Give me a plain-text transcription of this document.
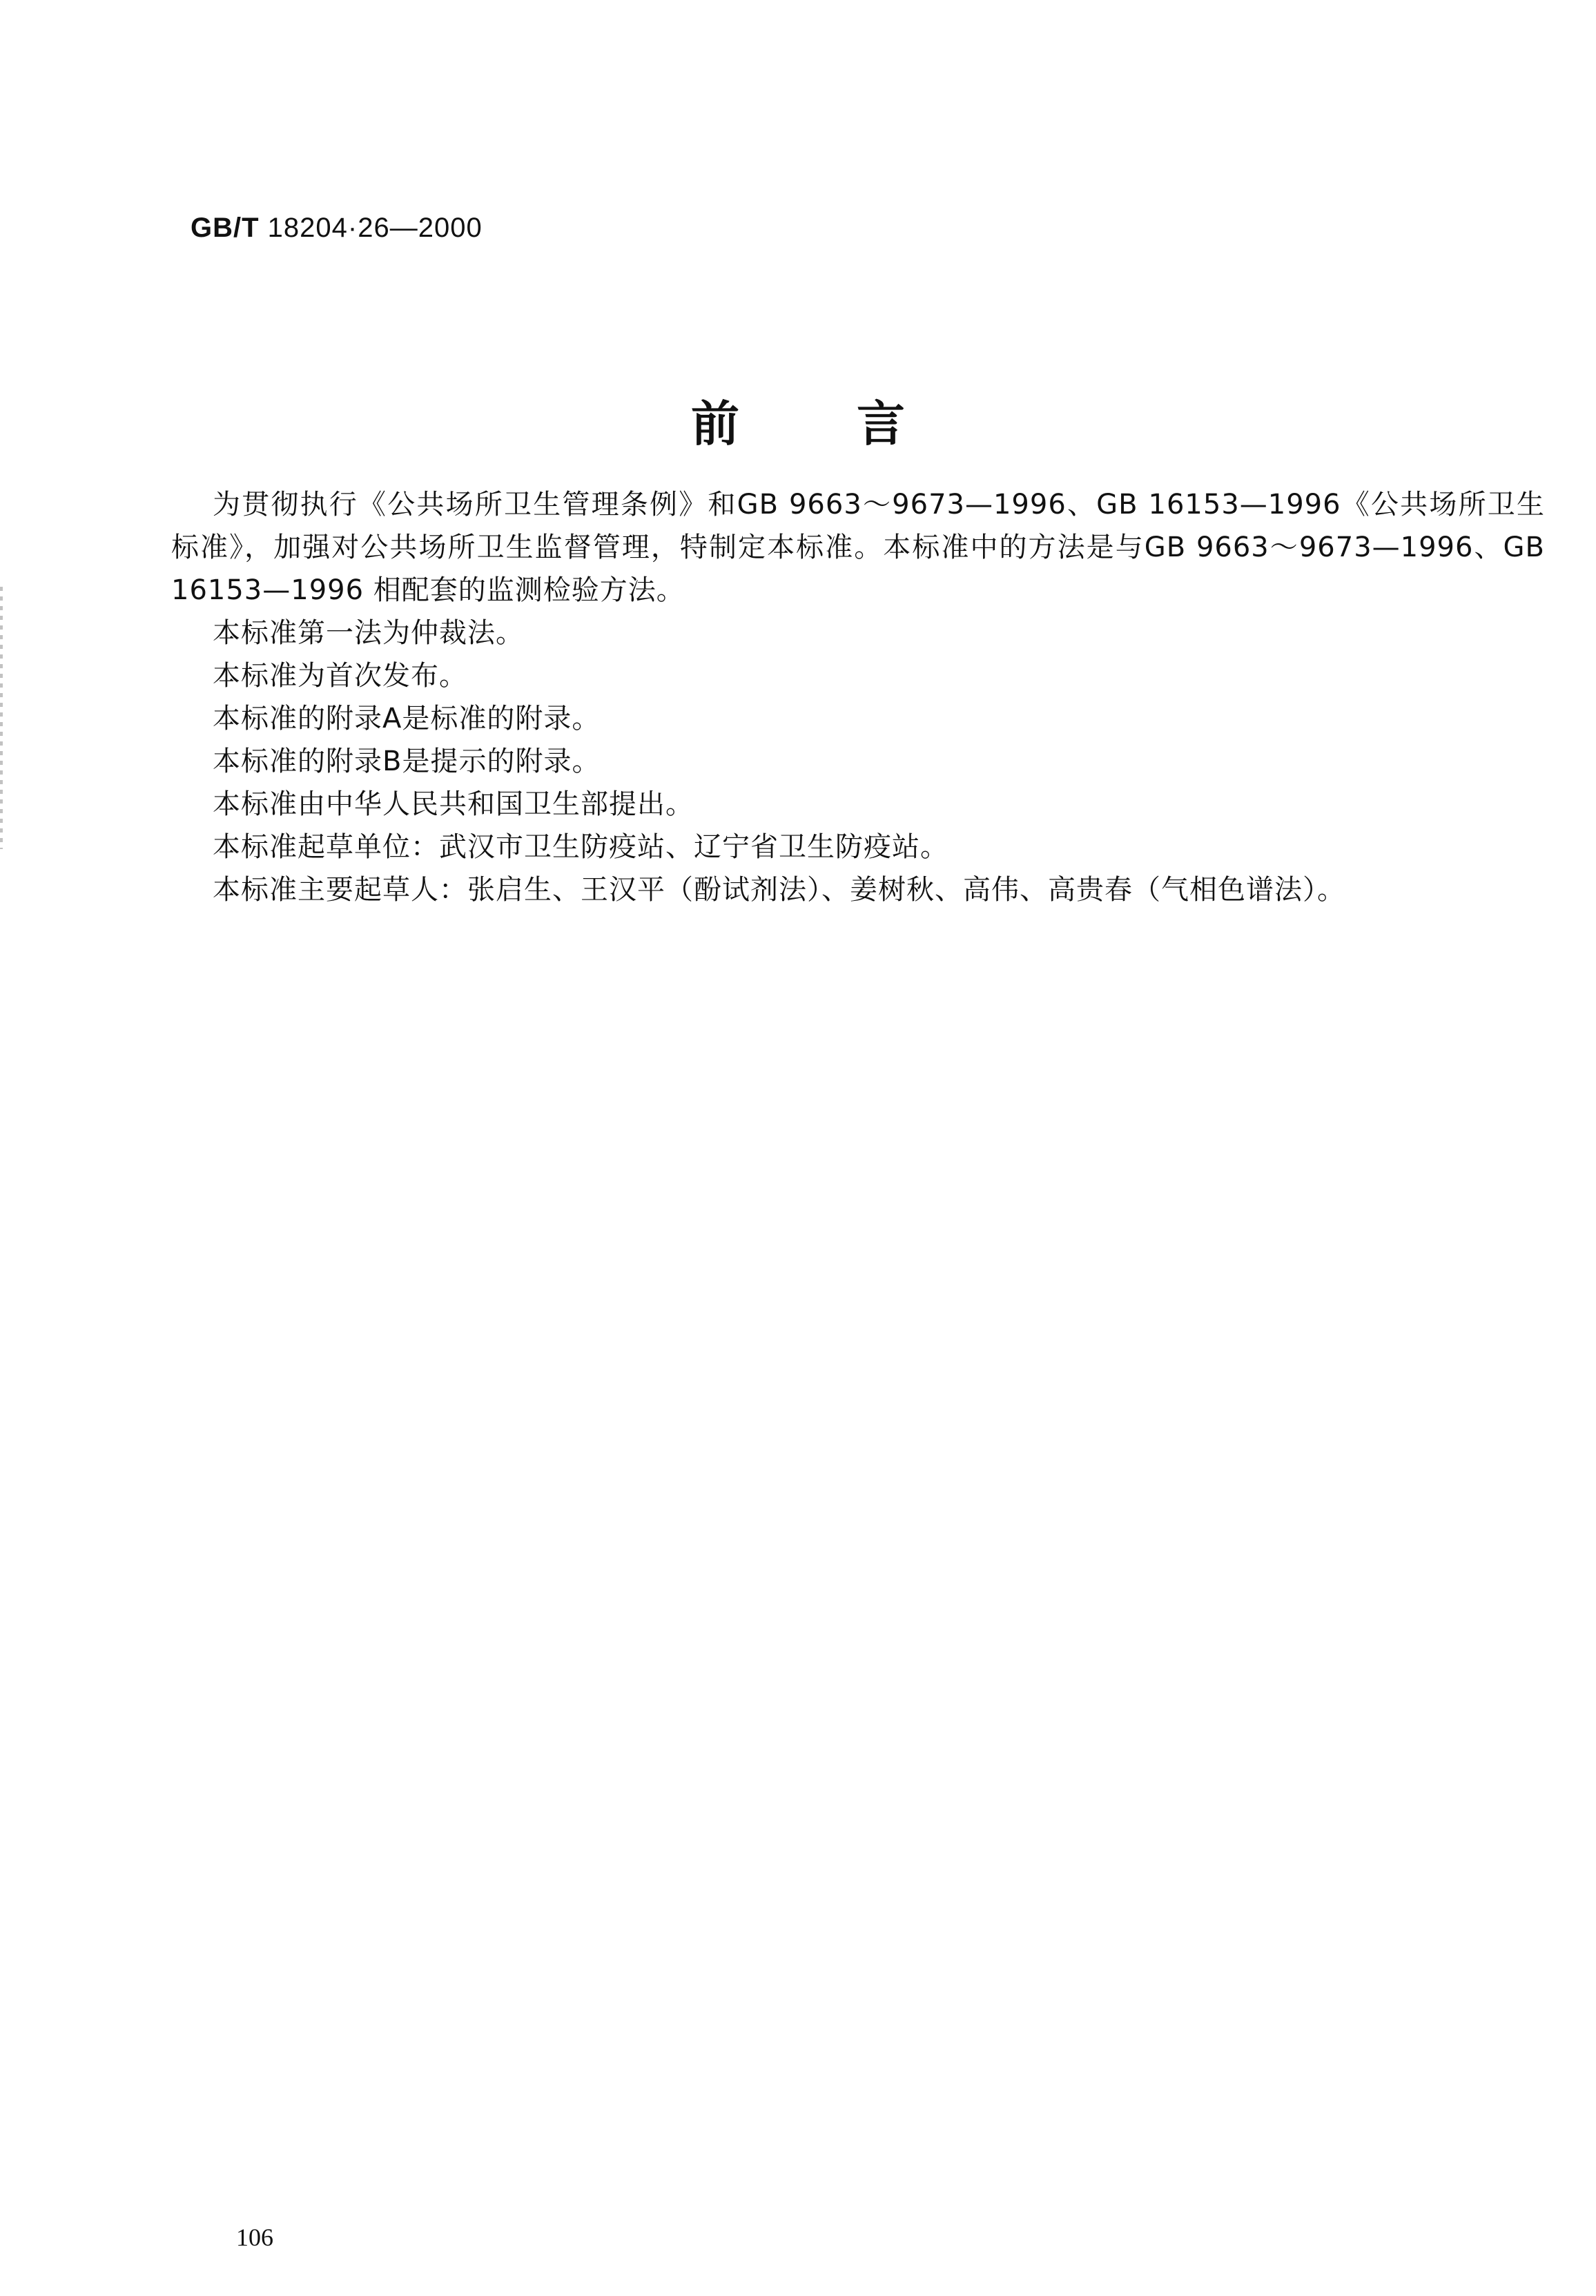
GB/T 18204·26—2000
前 言

为贯彻执行《公共场所卫生管理条例》和GB 9663～9673—1996、GB 16153—1996《公共场所卫生标准》，加强对公共场所卫生监督管理，特制定本标准。本标准中的方法是与GB 9663～9673—1996、GB 16153—1996 相配套的监测检验方法。

本标准第一法为仲裁法。

本标准为首次发布。

本标准的附录A是标准的附录。

本标准的附录B是提示的附录。

本标准由中华人民共和国卫生部提出。

本标准起草单位：武汉市卫生防疫站、辽宁省卫生防疫站。

本标准主要起草人：张启生、王汉平（酚试剂法）、姜树秋、高伟、高贵春（气相色谱法）。

106
